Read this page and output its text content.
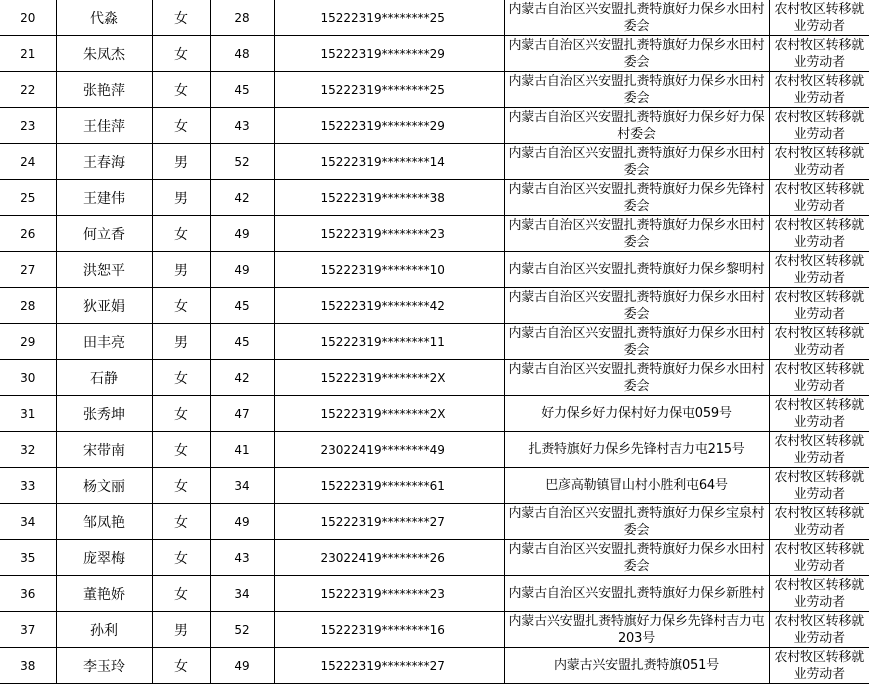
20	代淼	女	28	15222319********25	内蒙古自治区兴安盟扎赉特旗好力保乡水田村委会	农村牧区转移就业劳动者
21	朱凤杰	女	48	15222319********29	内蒙古自治区兴安盟扎赉特旗好力保乡水田村委会	农村牧区转移就业劳动者
22	张艳萍	女	45	15222319********25	内蒙古自治区兴安盟扎赉特旗好力保乡水田村委会	农村牧区转移就业劳动者
23	王佳萍	女	43	15222319********29	内蒙古自治区兴安盟扎赉特旗好力保乡好力保村委会	农村牧区转移就业劳动者
24	王春海	男	52	15222319********14	内蒙古自治区兴安盟扎赉特旗好力保乡水田村委会	农村牧区转移就业劳动者
25	王建伟	男	42	15222319********38	内蒙古自治区兴安盟扎赉特旗好力保乡先锋村委会	农村牧区转移就业劳动者
26	何立香	女	49	15222319********23	内蒙古自治区兴安盟扎赉特旗好力保乡水田村委会	农村牧区转移就业劳动者
27	洪恕平	男	49	15222319********10	内蒙古自治区兴安盟扎赉特旗好力保乡黎明村	农村牧区转移就业劳动者
28	狄亚娟	女	45	15222319********42	内蒙古自治区兴安盟扎赉特旗好力保乡水田村委会	农村牧区转移就业劳动者
29	田丰亮	男	45	15222319********11	内蒙古自治区兴安盟扎赉特旗好力保乡水田村委会	农村牧区转移就业劳动者
30	石静	女	42	15222319********2X	内蒙古自治区兴安盟扎赉特旗好力保乡水田村委会	农村牧区转移就业劳动者
31	张秀坤	女	47	15222319********2X	好力保乡好力保村好力保屯059号	农村牧区转移就业劳动者
32	宋带南	女	41	23022419********49	扎赉特旗好力保乡先锋村吉力屯215号	农村牧区转移就业劳动者
33	杨文丽	女	34	15222319********61	巴彦高勒镇冒山村小胜利屯64号	农村牧区转移就业劳动者
34	邹凤艳	女	49	15222319********27	内蒙古自治区兴安盟扎赉特旗好力保乡宝泉村委会	农村牧区转移就业劳动者
35	庞翠梅	女	43	23022419********26	内蒙古自治区兴安盟扎赉特旗好力保乡水田村委会	农村牧区转移就业劳动者
36	董艳娇	女	34	15222319********23	内蒙古自治区兴安盟扎赉特旗好力保乡新胜村	农村牧区转移就业劳动者
37	孙利	男	52	15222319********16	内蒙古兴安盟扎赉特旗好力保乡先锋村吉力屯203号	农村牧区转移就业劳动者
38	李玉玲	女	49	15222319********27	内蒙古兴安盟扎赉特旗051号	农村牧区转移就业劳动者
